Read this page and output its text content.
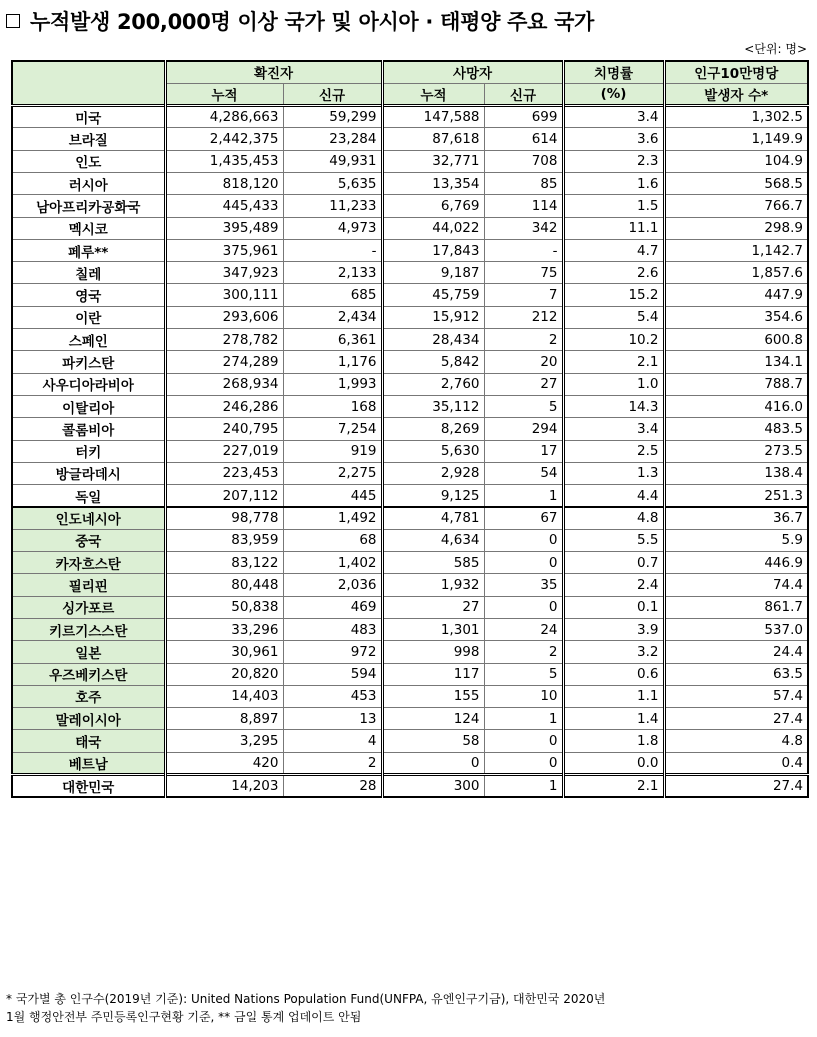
누적발생 200,000명 이상 국가 및 아시아 · 태평양 주요 국가
<단위: 명>
	확진자		사망자		치명률	인구10만명당
	누적	신규	누적	신규	(%)	발생자 수*
미국	4,286,663	59,299	147,588	699	3.4	1,302.5
브라질	2,442,375	23,284	87,618	614	3.6	1,149.9
인도	1,435,453	49,931	32,771	708	2.3	104.9
러시아	818,120	5,635	13,354	85	1.6	568.5
남아프리카공화국	445,433	11,233	6,769	114	1.5	766.7
멕시코	395,489	4,973	44,022	342	11.1	298.9
페루**	375,961	-	17,843	-	4.7	1,142.7
칠레	347,923	2,133	9,187	75	2.6	1,857.6
영국	300,111	685	45,759	7	15.2	447.9
이란	293,606	2,434	15,912	212	5.4	354.6
스페인	278,782	6,361	28,434	2	10.2	600.8
파키스탄	274,289	1,176	5,842	20	2.1	134.1
사우디아라비아	268,934	1,993	2,760	27	1.0	788.7
이탈리아	246,286	168	35,112	5	14.3	416.0
콜롬비아	240,795	7,254	8,269	294	3.4	483.5
터키	227,019	919	5,630	17	2.5	273.5
방글라데시	223,453	2,275	2,928	54	1.3	138.4
독일	207,112	445	9,125	1	4.4	251.3
인도네시아	98,778	1,492	4,781	67	4.8	36.7
중국	83,959	68	4,634	0	5.5	5.9
카자흐스탄	83,122	1,402	585	0	0.7	446.9
필리핀	80,448	2,036	1,932	35	2.4	74.4
싱가포르	50,838	469	27	0	0.1	861.7
키르기스스탄	33,296	483	1,301	24	3.9	537.0
일본	30,961	972	998	2	3.2	24.4
우즈베키스탄	20,820	594	117	5	0.6	63.5
호주	14,403	453	155	10	1.1	57.4
말레이시아	8,897	13	124	1	1.4	27.4
태국	3,295	4	58	0	1.8	4.8
베트남	420	2	0	0	0.0	0.4
대한민국	14,203	28	300	1	2.1	27.4
* 국가별 총 인구수(2019년 기준): United Nations Population Fund(UNFPA, 유엔인구기금), 대한민국 2020년
1월 행정안전부 주민등록인구현황 기준, ** 금일 통계 업데이트 안됨
